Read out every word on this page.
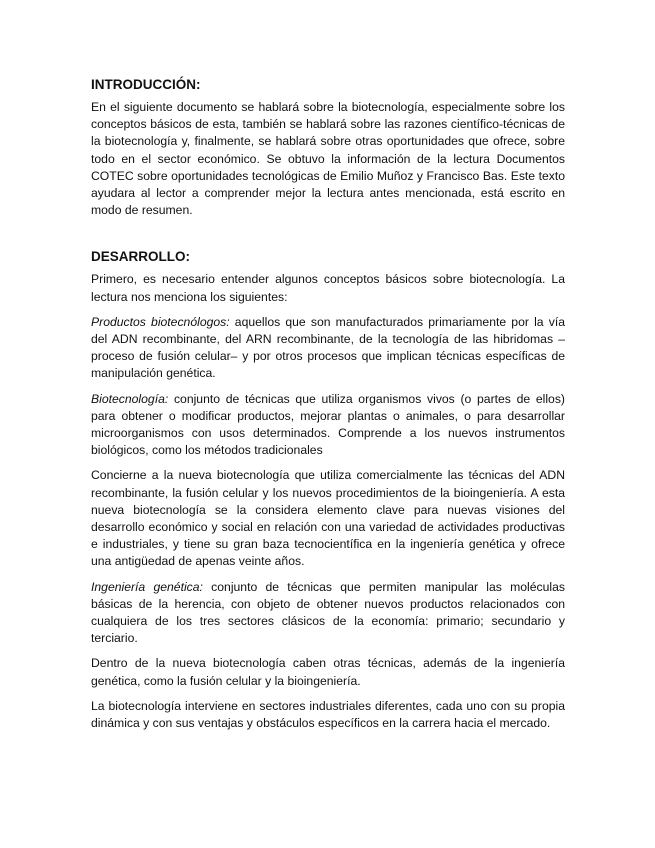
INTRODUCCIÓN:

En el siguiente documento se hablará sobre la biotecnología, especialmente sobre los conceptos básicos de esta, también se hablará sobre las razones científico-técnicas de la biotecnología y, finalmente, se hablará sobre otras oportunidades que ofrece, sobre todo en el sector económico. Se obtuvo la información de la lectura Documentos COTEC sobre oportunidades tecnológicas de Emilio Muñoz y Francisco Bas. Este texto ayudara al lector a comprender mejor la lectura antes mencionada, está escrito en modo de resumen.

DESARROLLO:

Primero, es necesario entender algunos conceptos básicos sobre biotecnología. La lectura nos menciona los siguientes:

Productos biotecnólogos: aquellos que son manufacturados primariamente por la vía del ADN recombinante, del ARN recombinante, de la tecnología de las hibridomas –proceso de fusión celular– y por otros procesos que implican técnicas específicas de manipulación genética.

Biotecnología: conjunto de técnicas que utiliza organismos vivos (o partes de ellos) para obtener o modificar productos, mejorar plantas o animales, o para desarrollar microorganismos con usos determinados. Comprende a los nuevos instrumentos biológicos, como los métodos tradicionales

Concierne a la nueva biotecnología que utiliza comercialmente las técnicas del ADN recombinante, la fusión celular y los nuevos procedimientos de la bioingeniería. A esta nueva biotecnología se la considera elemento clave para nuevas visiones del desarrollo económico y social en relación con una variedad de actividades productivas e industriales, y tiene su gran baza tecnocientífica en la ingeniería genética y ofrece una antigüedad de apenas veinte años.

Ingeniería genética: conjunto de técnicas que permiten manipular las moléculas básicas de la herencia, con objeto de obtener nuevos productos relacionados con cualquiera de los tres sectores clásicos de la economía: primario; secundario y terciario.

Dentro de la nueva biotecnología caben otras técnicas, además de la ingeniería genética, como la fusión celular y la bioingeniería.

La biotecnología interviene en sectores industriales diferentes, cada uno con su propia dinámica y con sus ventajas y obstáculos específicos en la carrera hacia el mercado.
